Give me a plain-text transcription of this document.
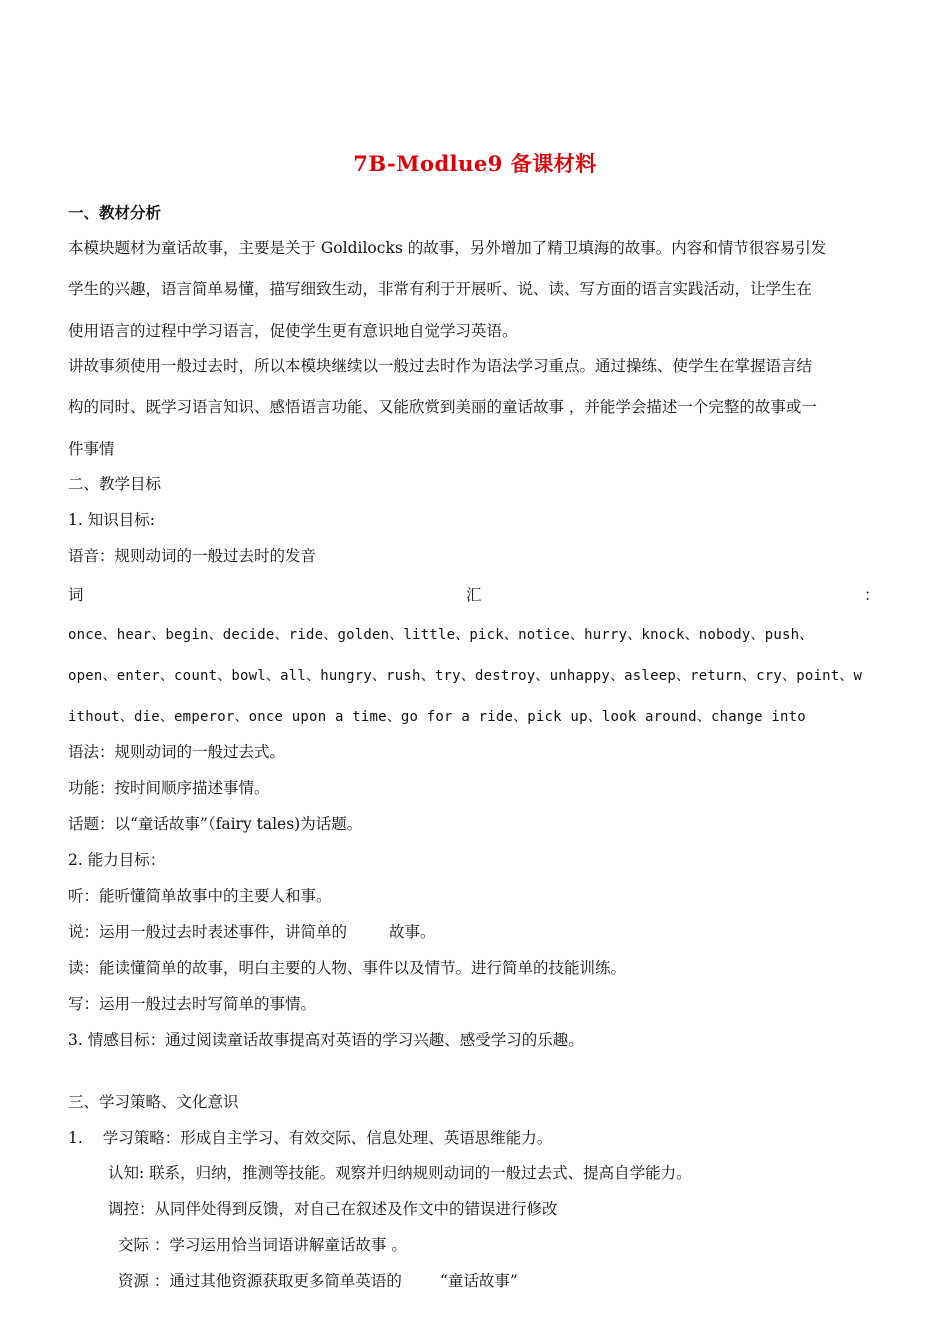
7B-Modlue9 备课材料
一、教材分析
本模块题材为童话故事，主要是关于 Goldilocks 的故事，另外增加了精卫填海的故事。内容和情节很容易引发
学生的兴趣，语言简单易懂，描写细致生动，非常有利于开展听、说、读、写方面的语言实践活动，让学生在
使用语言的过程中学习语言，促使学生更有意识地自觉学习英语。
讲故事须使用一般过去时，所以本模块继续以一般过去时作为语法学习重点。通过操练、使学生在掌握语言结
构的同时、既学习语言知识、感悟语言功能、又能欣赏到美丽的童话故事 ，并能学会描述一个完整的故事或一
件事情
二、教学目标
1. 知识目标:
语音：规则动词的一般过去时的发音
词	汇	：
once、hear、begin、decide、ride、golden、little、pick、notice、hurry、knock、nobody、push、
open、enter、count、bowl、all、hungry、rush、try、destroy、unhappy、asleep、return、cry、point、w
ithout、die、emperor、once upon a time、go for a ride、pick up、look around、change into
语法：规则动词的一般过去式。
功能：按时间顺序描述事情。
话题：以“童话故事”（fairy tales)为话题。
2. 能力目标：
听：能听懂简单故事中的主要人和事。
说：运用一般过去时表述事件，讲简单的	故事。
读：能读懂简单的故事，明白主要的人物、事件以及情节。进行简单的技能训练。
写：运用一般过去时写简单的事情。
3. 情感目标：通过阅读童话故事提高对英语的学习兴趣、感受学习的乐趣。
三、学习策略、文化意识
1. 学习策略：形成自主学习、有效交际、信息处理、英语思维能力。
认知: 联系，归纳，推测等技能。观察并归纳规则动词的一般过去式、提高自学能力。
调控：从同伴处得到反馈，对自己在叙述及作文中的错误进行修改
交际 ：学习运用恰当词语讲解童话故事 。
资源 ：通过其他资源获取更多简单英语的 “童话故事”
